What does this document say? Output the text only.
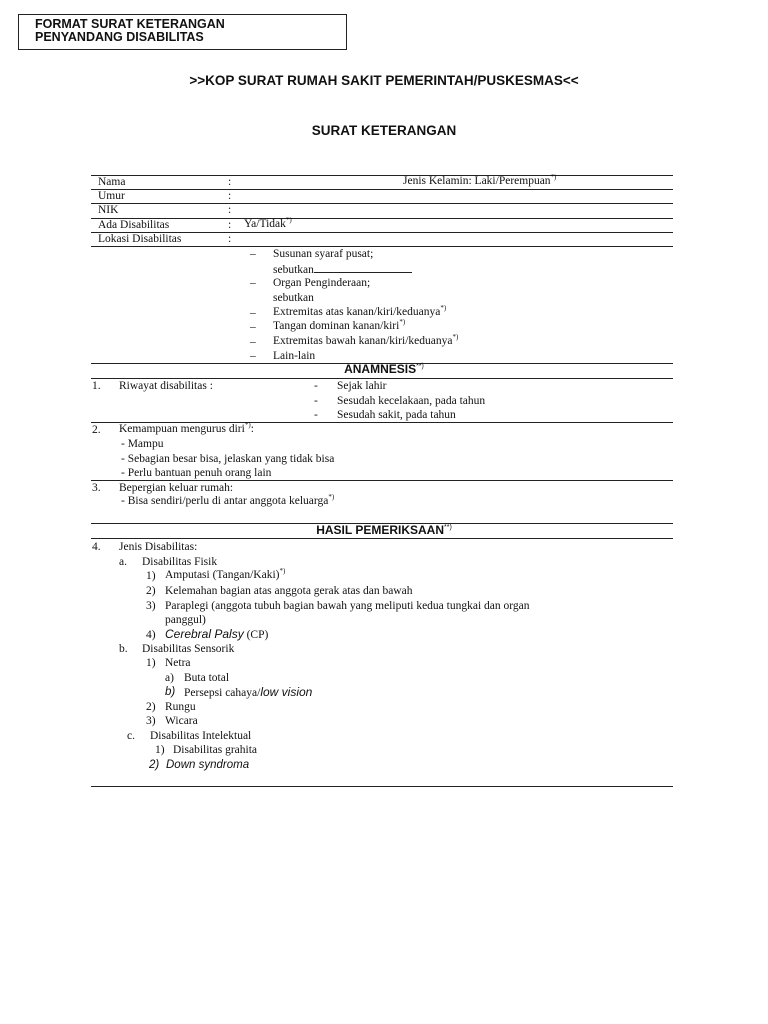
FORMAT SURAT KETERANGAN
PENYANDANG DISABILITAS
>>KOP SURAT RUMAH SAKIT PEMERINTAH/PUSKESMAS<<
SURAT KETERANGAN
Nama	:	Jenis Kelamin: Laki/Perempuan*)
Umur	:
NIK	:
Ada Disabilitas	: Ya/Tidak*)
Lokasi Disabilitas	:
– Susunan syaraf pusat;
sebutkan
– Organ Penginderaan;
sebutkan
– Extremitas atas kanan/kiri/keduanya*)
– Tangan dominan kanan/kiri*)
– Extremitas bawah kanan/kiri/keduanya*)
– Lain-lain
ANAMNESIS**)
1. Riwayat disabilitas :	- Sejak lahir
- Sesudah kecelakaan, pada tahun
- Sesudah sakit, pada tahun
2. Kemampuan mengurus diri*):
- Mampu
- Sebagian besar bisa, jelaskan yang tidak bisa
- Perlu bantuan penuh orang lain
3. Bepergian keluar rumah:
- Bisa sendiri/perlu di antar anggota keluarga*)
HASIL PEMERIKSAAN**)
4. Jenis Disabilitas:
a. Disabilitas Fisik
1) Amputasi (Tangan/Kaki)*)
2) Kelemahan bagian atas anggota gerak atas dan bawah
3) Paraplegi (anggota tubuh bagian bawah yang meliputi kedua tungkai dan organ
panggul)
4) Cerebral Palsy (CP)
b. Disabilitas Sensorik
1) Netra
a) Buta total
b) Persepsi cahaya/low vision
2) Rungu
3) Wicara
c. Disabilitas Intelektual
1) Disabilitas grahita
2) Down syndroma
